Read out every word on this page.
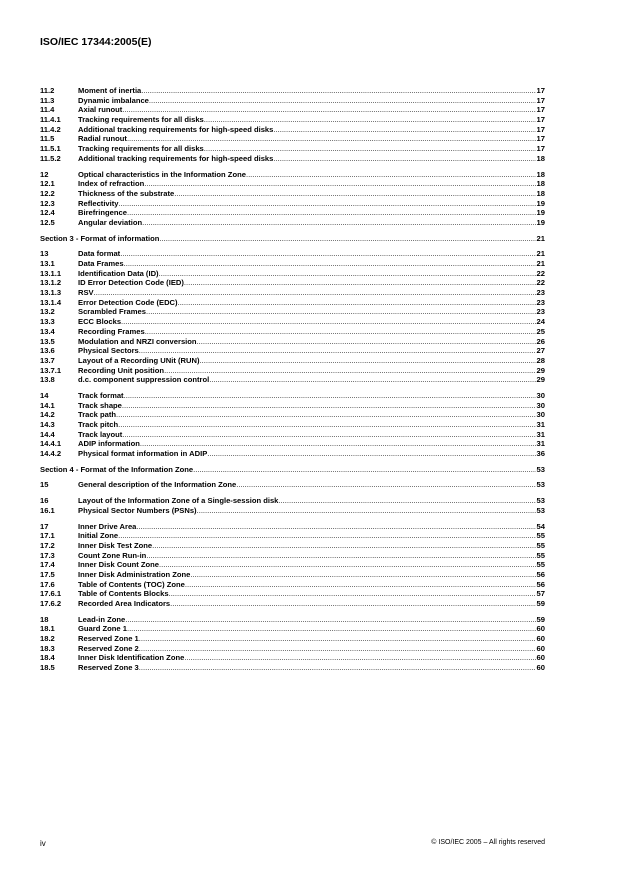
ISO/IEC 17344:2005(E)
11.2	Moment of inertia .....	17
11.3	Dynamic imbalance .....	17
11.4	Axial runout .....	17
11.4.1	Tracking requirements for all disks .....	17
11.4.2	Additional tracking requirements for high-speed disks .....	17
11.5	Radial runout .....	17
11.5.1	Tracking requirements for all disks .....	17
11.5.2	Additional tracking requirements for high-speed disks .....	18
12	Optical characteristics in the Information Zone .....	18
12.1	Index of refraction .....	18
12.2	Thickness of the substrate .....	18
12.3	Reflectivity .....	19
12.4	Birefringence .....	19
12.5	Angular deviation .....	19
Section 3 - Format of information .....	21
13	Data format .....	21
13.1	Data Frames .....	21
13.1.1	Identification Data (ID) .....	22
13.1.2	ID Error Detection Code (IED) .....	22
13.1.3	RSV .....	23
13.1.4	Error Detection Code (EDC) .....	23
13.2	Scrambled Frames .....	23
13.3	ECC Blocks .....	24
13.4	Recording Frames .....	25
13.5	Modulation and NRZI conversion .....	26
13.6	Physical Sectors .....	27
13.7	Layout of a Recording UNit (RUN) .....	28
13.7.1	Recording Unit position .....	29
13.8	d.c. component suppression control .....	29
14	Track format .....	30
14.1	Track shape .....	30
14.2	Track path .....	30
14.3	Track pitch .....	31
14.4	Track layout .....	31
14.4.1	ADIP information .....	31
14.4.2	Physical format information in ADIP .....	36
Section 4 - Format of the Information Zone .....	53
15	General description of the Information Zone .....	53
16	Layout of the Information Zone of a Single-session disk .....	53
16.1	Physical Sector Numbers (PSNs) .....	53
17	Inner Drive Area .....	54
17.1	Initial Zone .....	55
17.2	Inner Disk Test Zone .....	55
17.3	Count Zone Run-in .....	55
17.4	Inner Disk Count Zone .....	55
17.5	Inner Disk Administration Zone .....	56
17.6	Table of Contents (TOC) Zone .....	56
17.6.1	Table of Contents Blocks .....	57
17.6.2	Recorded Area Indicators .....	59
18	Lead-in Zone .....	59
18.1	Guard Zone 1 .....	60
18.2	Reserved Zone 1 .....	60
18.3	Reserved Zone 2 .....	60
18.4	Inner Disk Identification Zone .....	60
18.5	Reserved Zone 3 .....	60
iv	© ISO/IEC 2005 – All rights reserved
